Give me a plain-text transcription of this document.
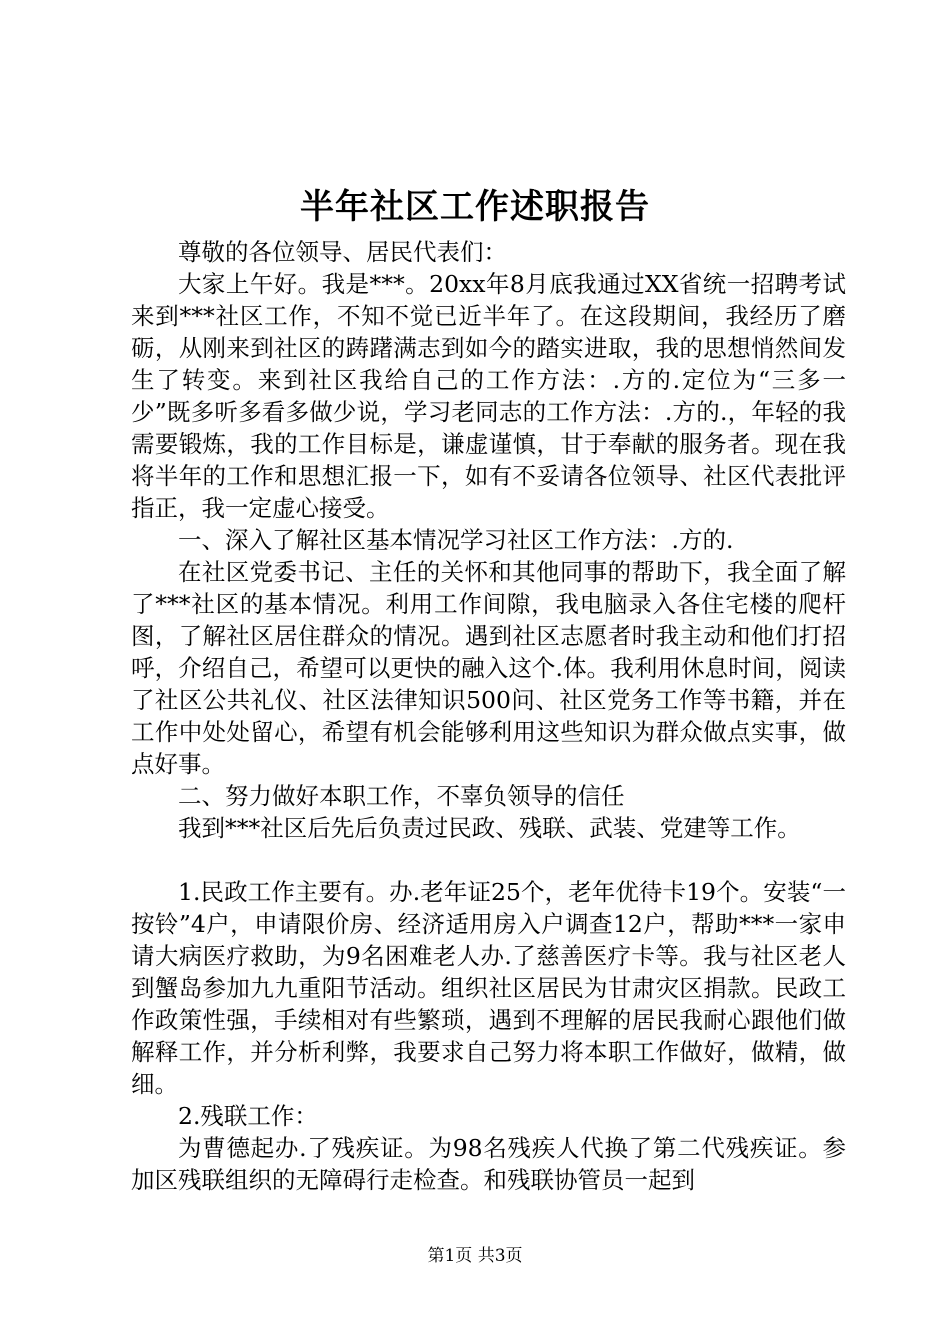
半年社区工作述职报告

尊敬的各位领导、居民代表们：

大家上午好。我是***。20xx年8月底我通过XX省统一招聘考试来到***社区工作，不知不觉已近半年了。在这段期间，我经历了磨砺，从刚来到社区的踌躇满志到如今的踏实进取，我的思想悄然间发生了转变。来到社区我给自己的工作方法：.方的.定位为“三多一少”既多听多看多做少说，学习老同志的工作方法：.方的.，年轻的我需要锻炼，我的工作目标是，谦虚谨慎，甘于奉献的服务者。现在我将半年的工作和思想汇报一下，如有不妥请各位领导、社区代表批评指正，我一定虚心接受。

一、深入了解社区基本情况学习社区工作方法：.方的.

在社区党委书记、主任的关怀和其他同事的帮助下，我全面了解了***社区的基本情况。利用工作间隙，我电脑录入各住宅楼的爬杆图，了解社区居住群众的情况。遇到社区志愿者时我主动和他们打招呼，介绍自己，希望可以更快的融入这个.体。我利用休息时间，阅读了社区公共礼仪、社区法律知识500问、社区党务工作等书籍，并在工作中处处留心，希望有机会能够利用这些知识为群众做点实事，做点好事。

二、努力做好本职工作，不辜负领导的信任

我到***社区后先后负责过民政、残联、武装、党建等工作。

1.民政工作主要有。办.老年证25个，老年优待卡19个。安装“一按铃”4户，申请限价房、经济适用房入户调查12户，帮助***一家申请大病医疗救助，为9名困难老人办.了慈善医疗卡等。我与社区老人到蟹岛参加九九重阳节活动。组织社区居民为甘肃灾区捐款。民政工作政策性强，手续相对有些繁琐，遇到不理解的居民我耐心跟他们做解释工作，并分析利弊，我要求自己努力将本职工作做好，做精，做细。

2.残联工作：

为曹德起办.了残疾证。为98名残疾人代换了第二代残疾证。参加区残联组织的无障碍行走检查。和残联协管员一起到

第1页 共3页
